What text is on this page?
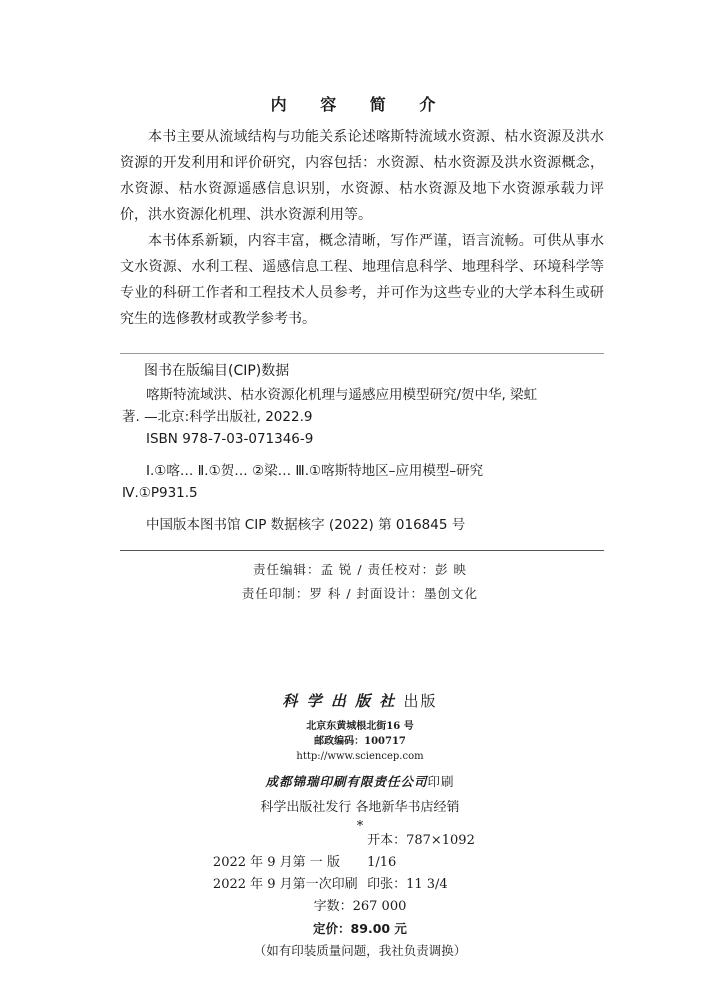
内 容 简 介

本书主要从流域结构与功能关系论述喀斯特流域水资源、枯水资源及洪水资源的开发利用和评价研究，内容包括：水资源、枯水资源及洪水资源概念，水资源、枯水资源遥感信息识别，水资源、枯水资源及地下水资源承载力评价，洪水资源化机理、洪水资源利用等。

本书体系新颖，内容丰富，概念清晰，写作严谨，语言流畅。可供从事水文水资源、水利工程、遥感信息工程、地理信息科学、地理科学、环境科学等专业的科研工作者和工程技术人员参考，并可作为这些专业的大学本科生或研究生的选修教材或教学参考书。

图书在版编目(CIP)数据
喀斯特流域洪、枯水资源化机理与遥感应用模型研究/贺中华, 梁虹
著. —北京:科学出版社, 2022.9
ISBN 978-7-03-071346-9
Ⅰ.①喀… Ⅱ.①贺… ②梁… Ⅲ.①喀斯特地区–应用模型–研究
Ⅳ.①P931.5
中国版本图书馆 CIP 数据核字 (2022) 第 016845 号
责任编辑：孟 锐 / 责任校对：彭 映
责任印制：罗 科 / 封面设计：墨创文化
科 学 出 版 社 出版
北京东黄城根北街16 号
邮政编码：100717
http://www.sciencep.com
成都锦瑞印刷有限责任公司印刷
科学出版社发行 各地新华书店经销
*
2022 年 9 月第 一 版 开本：787×1092 1/16
2022 年 9 月第一次印刷 印张：11 3/4
字数：267 000
定价：89.00 元
（如有印装质量问题，我社负责调换）
